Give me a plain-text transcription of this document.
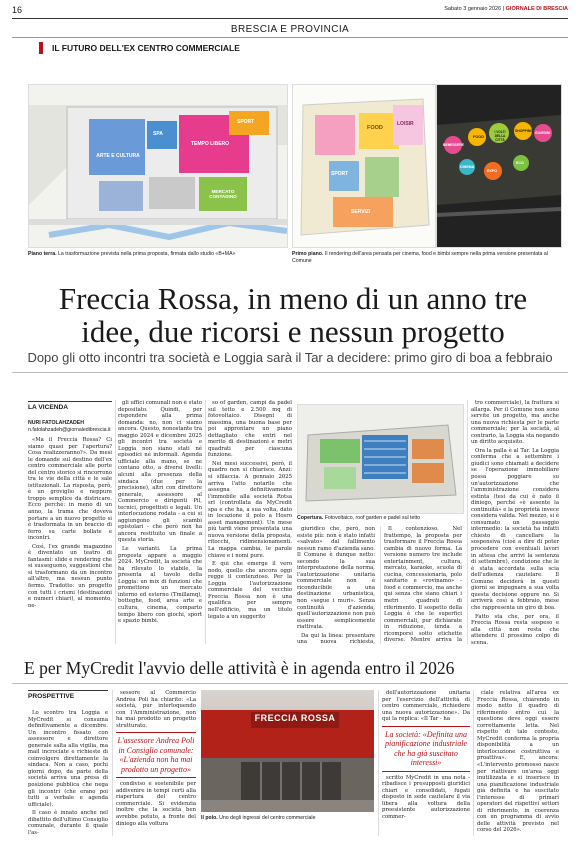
16	Sabato 3 gennaio 2026 | GIORNALE DI BRESCIA
BRESCIA E PROVINCIA
IL FUTURO DELL'EX CENTRO COMMERCIALE
ARTE E CULTURA
SPA
TEMPO LIBERO
SPORT
MERCATO CONTADINO
Piano terra. La trasformazione prevista nella prima proposta, firmata dallo studio «B+MA»
FOOD
SPORT
LOISIR
SERVIZI
BENESSERE
FOOD
I VOLTI DELLA CITTÀ
SHOPPING GIARDINI
CINEMA
EXPO
ECO
Primo piano. Il rendering dell'area pensata per cinema, food e bimbi sempre nella prima versione presentata al Comune
Freccia Rossa, in meno di un anno tre idee, due ricorsi e nessun progetto
Dopo gli otto incontri tra società e Loggia sarà il Tar a decidere: primo giro di boa a febbraio
LA VICENDA
NURI FATOLAHZADEH
n.fatolahzadeh@giornaledibrescia.it

«Ma il Freccia Rossa? Ci siamo quasi per l'apertura? Cosa realizzeranno?». Da mesi le domande sul destino dell'ex centro commerciale alle porte del centro storico si rincorrono tra le vie della città e le sale istituzionali. La risposta, però, è un groviglio e neppure troppo semplice da districare. Ecco perché: in meno di un anno, la trama che doveva portare a un nuovo progetto si è trasformata in un braccio di ferro su carte bollate e incontri.

Così, l'ex grande magazzino è diventato un teatro di fantasmi: slide e rendering che si susseguono, suggestioni che si trasformano da un incontro all'altro, ma nessun punto fermo. Tradotto: un progetto con tutti i crismi (destinazioni e numeri chiari), al momento, ne-

gli uffici comunali non è stato depositato. Quindi, per rispondere alla prima domanda: no, non ci siamo ancora. Questo, nonostante tra maggio 2024 e dicembre 2025 gli incontri tra società e Loggia non siano stati né episodici né informali. Agenda ufficiale alla mano, se ne contano otto, a diversi livelli: alcuni alla presenza della sindaca (due per la precisione), altri con direttore generale, assessore al Commercio e dirigenti Pil, tecnici, progettisti e legali. Un interlocuzione rodata - a cui si aggiungono gli scambi epistolari - che però non ha ancora restituito un finale a questa storia.

Le varianti. La prima proposta appare a maggio 2024. MyCredit, la società che ha rilevato lo stabile, la presenta al tavolo della Loggia: un mix di funzioni che promettono un mercato interno ed esterno (Tmillamq), botteghe, food, area arte e cultura, cinema, comparto tempo libero con giochi, sport e spazio bimbi.

so of garden, campi da padel sul tetto e 2.500 mq di fotovoltaico. Disegni di massima, una buona base per poi approntare un piano dettagliato che entri nel merito di destinazioni e metri quadrati per ciascuna funzione.

Nei mesi successivi, però, il quadro non si chiarisce. Anzi: si sfilaccia. A gennaio 2025 arriva l'atto notarile che assegna definitivamente l'immobile alla società Rotsa srl (controllata da MyCredit spa e che ha, a sua volta, dato in locazione il polo a Hosro asset management). Un mese più tardi viene presentata una nuova versione della proposta, ritocchi, ridimensionamenti. La mappa cambia, le parole chiave e i nomi pure.

E qui che emerge il vero nodo, quello che ancora oggi regge il contenzioso. Per la Loggia l'autorizzazione commerciale del vecchio Freccia Rossa non è una qualifica per sempre nell'edificio, ma un titolo legato a un suggerito

Copertura. Fotovoltaico, roof garden e padel sul tetto

giuridico che, però, non esiste più: non è stato infatti «salvato» dal fallimento nessun ramo d'azienda sano. Il Comune è dunque netto: secondo la sua interpretazione della norma, l'autorizzazione unitaria commerciale non è riconducibile a una destinazione urbanistica, non «segue i muri». Senza continuità d'azienda, quell'autorizzazione non può essere semplicemente riattivata.

Da qui la linea: presentare una nuova richiesta,

Il contenzioso. Nel frattempo, la proposta per trasformare il Freccia Rossa cambia di nuovo forma. La versione numero tre include entertainment, cultura, mercato, karaoke, scuola di cucina, concessionaria, polo sanitario e «rovinamo» - food e commercio, ma anche qui senza che siano chiari i metri quadrati di riferimento. Il sospetto della Loggia è che le superfici commerciali, pur dichiarate in riduzione, tenda a ricomporsi sotto etichette diverse. Mentre arriva la

tro commerciale), la frattura si allarga. Per il Comune non sono servite un progetto, ma anche una nuova richiesta per le parte commerciale; per la società, al contrario, la Loggia sta negando un diritto acquisito.

Ora la palla è al Tar. La Loggia conferma che a settembre i giudici sono chiamati a decidere se l'operazione immobiliare possa poggiare su un'autorizzazione che l'amministrazione considera estinta (tesi da cui è nato il diniego, perché «è assente la continuità» e la proprietà invece considera valida. Nel mezzo, si è consumato un passaggio intermedio: la società ha infatti chiesto di cancellare la sospensiva (cioè a dire di poter procedere con eventuali lavori in attesa che arrivi la sentenza di settembre), condizione che le è stata accordata sulla scia dell'udienza cautelare. Il Comune deciderà in questi giorni se impugnare a sua volta questa decisione oppure no. Si arriverà così a febbraio, mese che rappresenta un giro di boa.

Fatto sta che, per ora, il Freccia Rossa resta sospeso e alla città non resta che attendere il prossimo colpo di scena.

E per MyCredit l'avvio delle attività è in agenda entro il 2026
PROSPETTIVE

Lo scontro tra Loggia e MyCredit si consuma definitivamente a dicembre. Un incontro fissato con assessore e direttore generale salta alla vigilia, ma mail incrociate e richieste di coinvolgere direttamente la sindaca. Non a caso, pochi giorni dopo, da parte della società arriva una presa di posizione pubblica che nega gli incontri (che erano poi tutti a verbale e agenda ufficiale).

Il caso è innato anche nel dibattito dell'ultimo Consiglio comunale, durante il quale l'as-

sessore al Commercio Andrea Poli ha chiarito: «La società, pur interloquendo con l'Amministrazione, non ha mai prodotto un progetto strutturato.

L'assessore Andrea Poli in Consiglio comunale: «L'azienda non ha mai prodotto un progetto»

condiviso e sostenibile per addivenire in tempi certi alla riapertura del centro commerciale. Si evidenzia inoltre che la società ben avrebbe potuto, a fronte del diniego alla voltura

FRECCIA ROSSA
Il polo. Uno degli ingressi del centro commerciale

dell'autorizzazione unitaria per l'esercizio dell'attività di centro commerciale, richiedere una nuova autorizzazione». Da qui la replica: «Il Tar - ha

La società: «Definita una pianificazione industriale che ha già suscitato interessi»

scritto MyCredit in una nota - ribadisce i presupposti giuridici chiari e consolidati, fugati disposto in sede cautelare il via libera alla voltura della preesistente autorizzazione commer-

ciale relativa all'area ex Freccia Rossa, chiarendo in modo netto il quadro di riferimento entro cui la questione deve oggi essere correttamente letta. Nel rispetto di tale contesto, MyCredit conferma la propria disponibilità a un interlocuzione costruttiva e proattiva». E, ancora: «L'intervento promosso nasce per riattivare un'area oggi inutilizzata e si inserisce in una pianificazione industriale già definita e ha suscitato l'interesse di primari operatori del rispettivi settori di riferimento, in coerenza con un programma di avvio delle attività previsto nel corso del 2026».
